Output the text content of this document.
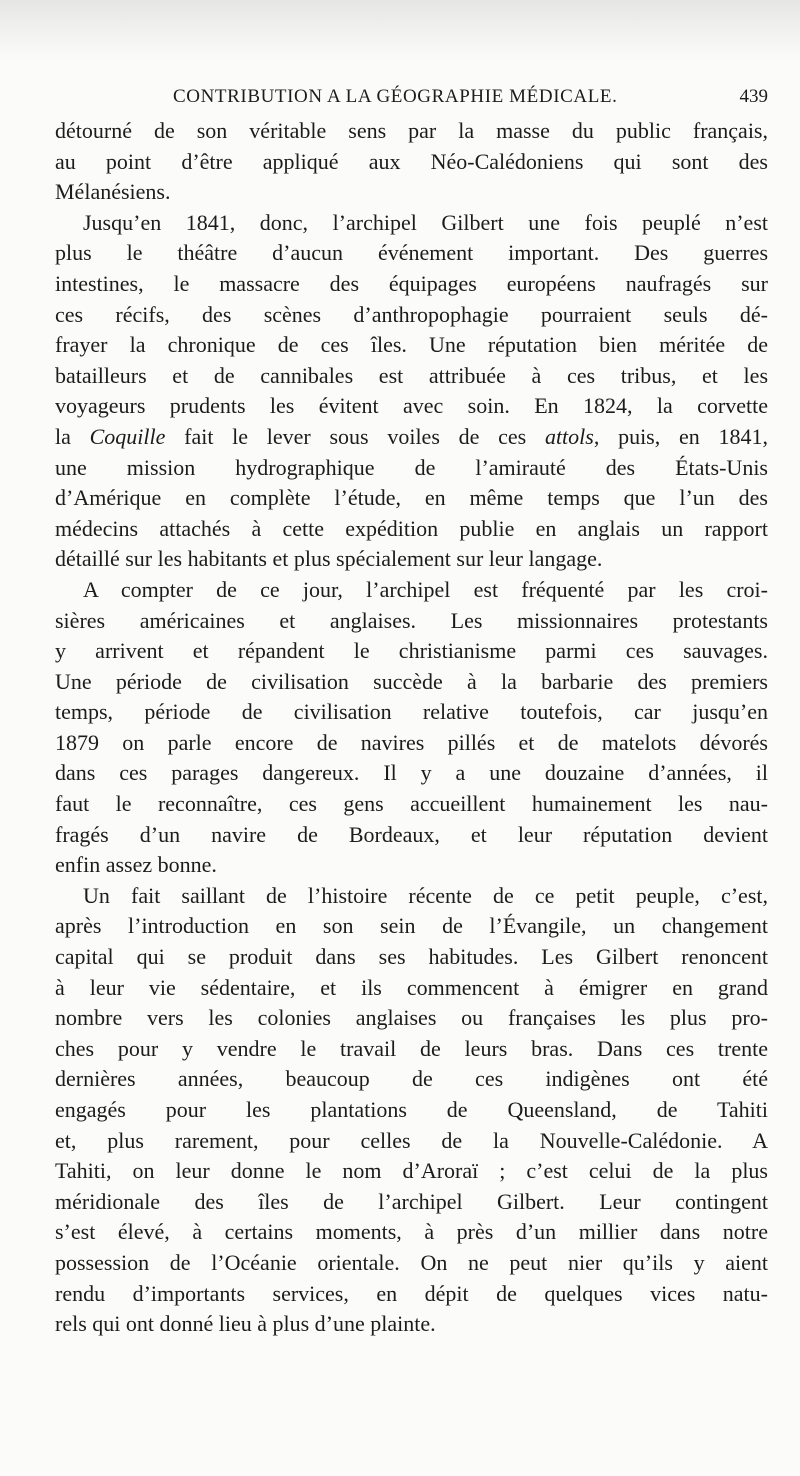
CONTRIBUTION A LA GÉOGRAPHIE MÉDICALE.	439
détourné de son véritable sens par la masse du public français,
au point d’être appliqué aux Néo-Calédoniens qui sont des
Mélanésiens.
Jusqu’en 1841, donc, l’archipel Gilbert une fois peuplé n’est
plus le théâtre d’aucun événement important. Des guerres
intestines, le massacre des équipages européens naufragés sur
ces récifs, des scènes d’anthropophagie pourraient seuls dé-
frayer la chronique de ces îles. Une réputation bien méritée de
batailleurs et de cannibales est attribuée à ces tribus, et les
voyageurs prudents les évitent avec soin. En 1824, la corvette
la Coquille fait le lever sous voiles de ces attols, puis, en 1841,
une mission hydrographique de l’amirauté des États-Unis
d’Amérique en complète l’étude, en même temps que l’un des
médecins attachés à cette expédition publie en anglais un rapport
détaillé sur les habitants et plus spécialement sur leur langage.
A compter de ce jour, l’archipel est fréquenté par les croi-
sières américaines et anglaises. Les missionnaires protestants
y arrivent et répandent le christianisme parmi ces sauvages.
Une période de civilisation succède à la barbarie des premiers
temps, période de civilisation relative toutefois, car jusqu’en
1879 on parle encore de navires pillés et de matelots dévorés
dans ces parages dangereux. Il y a une douzaine d’années, il
faut le reconnaître, ces gens accueillent humainement les nau-
fragés d’un navire de Bordeaux, et leur réputation devient
enfin assez bonne.
Un fait saillant de l’histoire récente de ce petit peuple, c’est,
après l’introduction en son sein de l’Évangile, un changement
capital qui se produit dans ses habitudes. Les Gilbert renoncent
à leur vie sédentaire, et ils commencent à émigrer en grand
nombre vers les colonies anglaises ou françaises les plus pro-
ches pour y vendre le travail de leurs bras. Dans ces trente
dernières années, beaucoup de ces indigènes ont été
engagés pour les plantations de Queensland, de Tahiti
et, plus rarement, pour celles de la Nouvelle-Calédonie. A
Tahiti, on leur donne le nom d’Aroraï ; c’est celui de la plus
méridionale des îles de l’archipel Gilbert. Leur contingent
s’est élevé, à certains moments, à près d’un millier dans notre
possession de l’Océanie orientale. On ne peut nier qu’ils y aient
rendu d’importants services, en dépit de quelques vices natu-
rels qui ont donné lieu à plus d’une plainte.
